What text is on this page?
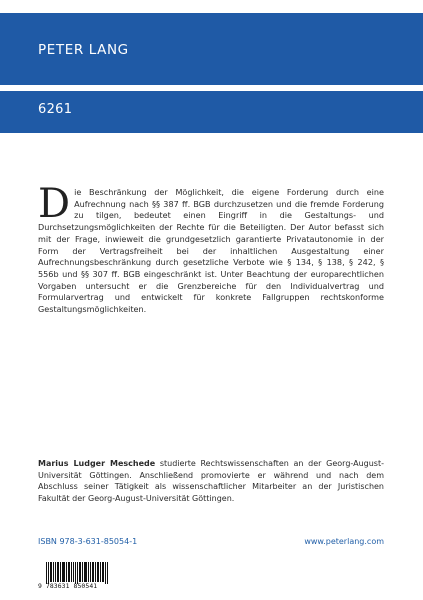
PETER LANG
6261
Die Beschränkung der Möglichkeit, die eigene Forderung durch eine Aufrechnung nach §§ 387 ff. BGB durchzusetzen und die fremde Forderung zu tilgen, bedeutet einen Eingriff in die Gestaltungs- und Durchsetzungsmöglichkeiten der Rechte für die Beteiligten. Der Autor befasst sich mit der Frage, inwieweit die grundgesetzlich garantierte Privatautonomie in der Form der Vertragsfreiheit bei der inhaltlichen Ausgestaltung einer Aufrechnungsbeschränkung durch gesetzliche Verbote wie § 134, § 138, § 242, § 556b und §§ 307 ff. BGB eingeschränkt ist. Unter Beachtung der europarechtlichen Vorgaben untersucht er die Grenzbereiche für den Individualvertrag und Formularvertrag und entwickelt für konkrete Fallgruppen rechtskonforme Gestaltungsmöglichkeiten.
Marius Ludger Meschede studierte Rechtswissenschaften an der Georg-August-Universität Göttingen. Anschließend promovierte er während und nach dem Abschluss seiner Tätigkeit als wissenschaftlicher Mitarbeiter an der Juristischen Fakultät der Georg-August-Universität Göttingen.
ISBN 978-3-631-85054-1	www.peterlang.com
9 783631 850541
